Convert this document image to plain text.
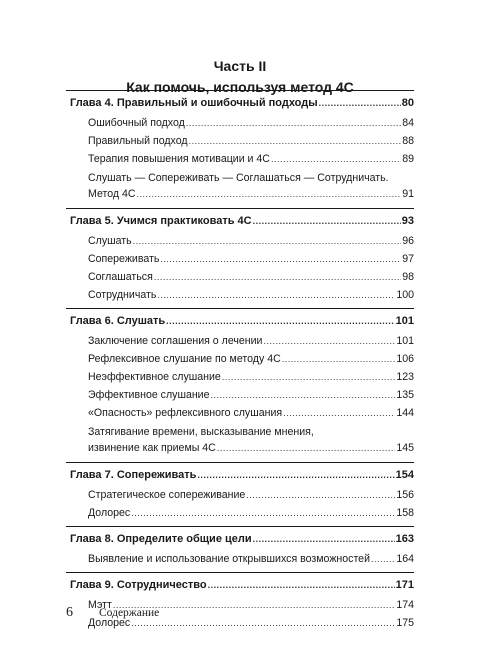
Часть II
Как помочь, используя метод 4С
Глава 4. Правильный и ошибочный подходы .....	80
Ошибочный подход .....	84
Правильный подход .....	88
Терапия повышения мотивации и 4С .....	89
Слушать — Сопереживать — Соглашаться — Сотрудничать.
Метод 4С .....	91
Глава 5. Учимся практиковать 4С .....	93
Слушать .....	96
Сопереживать .....	97
Соглашаться .....	98
Сотрудничать .....	100
Глава 6. Слушать .....	101
Заключение соглашения о лечении .....	101
Рефлексивное слушание по методу 4С .....	106
Неэффективное слушание .....	123
Эффективное слушание .....	135
«Опасность» рефлексивного слушания .....	144
Затягивание времени, высказывание мнения,
извинение как приемы 4С .....	145
Глава 7. Сопереживать .....	154
Стратегическое сопереживание .....	156
Долорес .....	158
Глава 8. Определите общие цели .....	163
Выявление и использование открывшихся возможностей ..... 164
Глава 9. Сотрудничество .....	171
Мэтт .....	174
Долорес .....	175
6 Содержание
